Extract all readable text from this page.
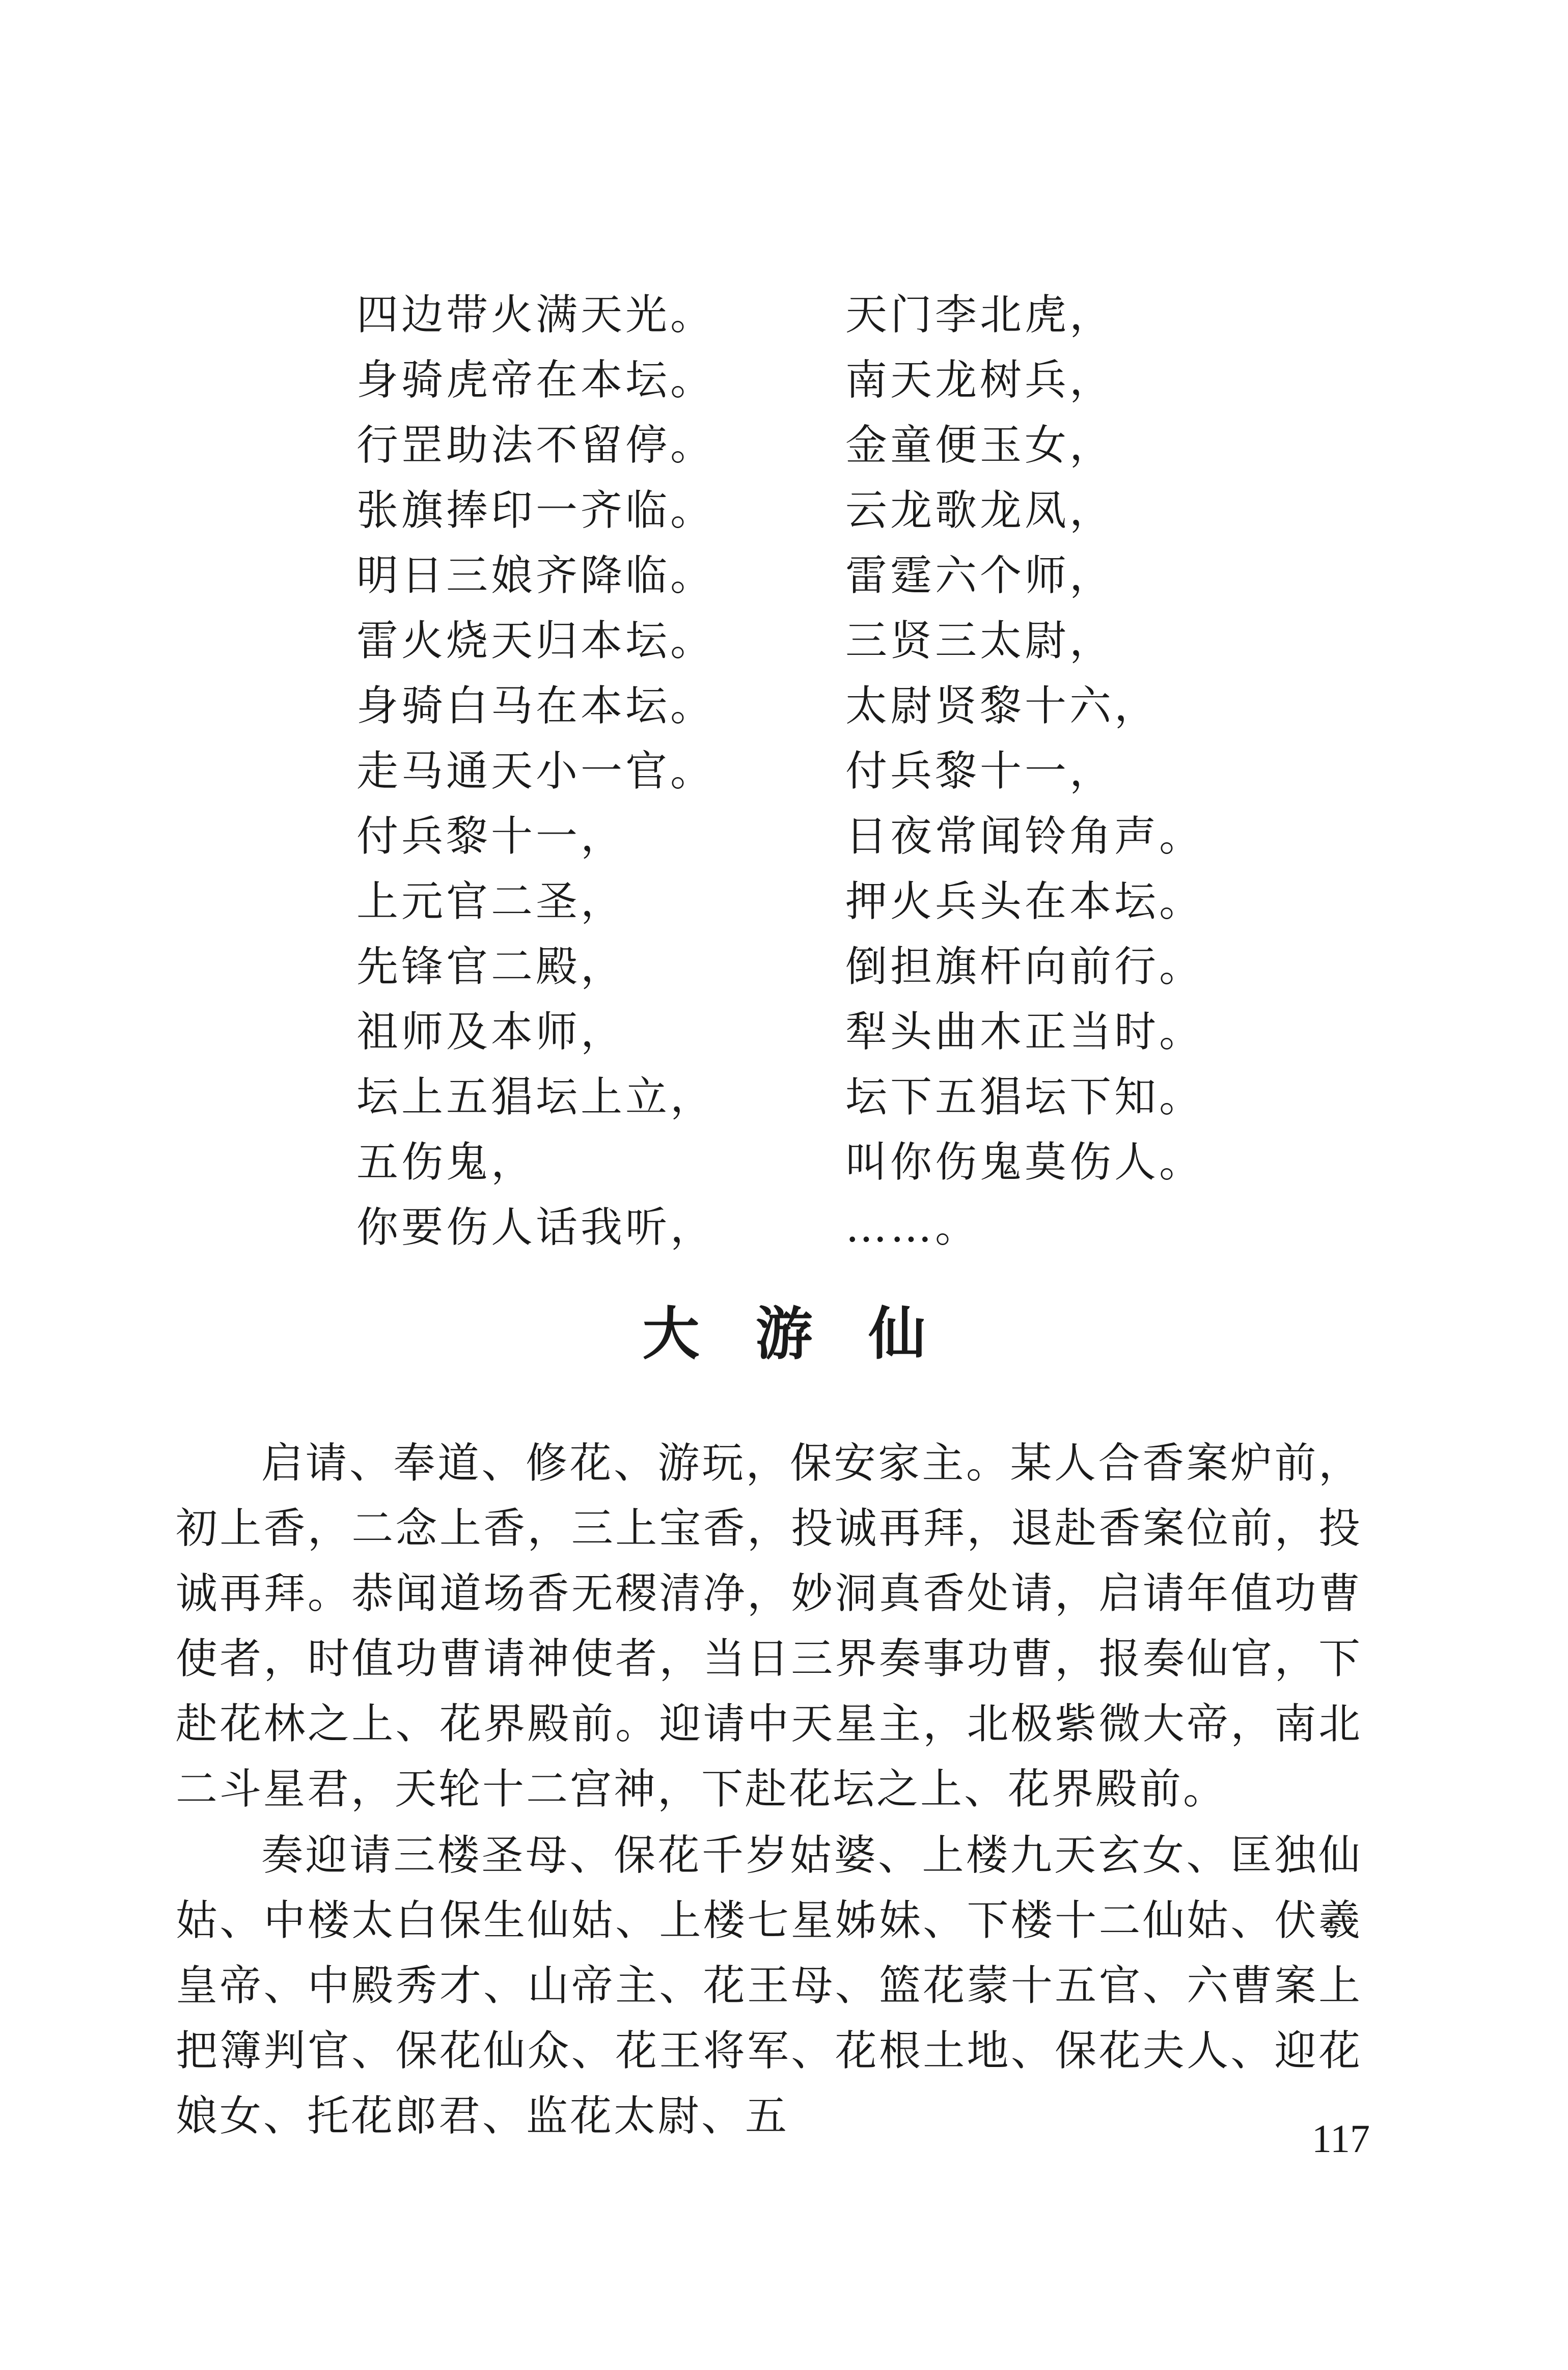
四边带火满天光。
身骑虎帝在本坛。
行罡助法不留停。
张旗捧印一齐临。
明日三娘齐降临。
雷火烧天归本坛。
身骑白马在本坛。
走马通天小一官。
付兵黎十一，
上元官二圣，
先锋官二殿，
祖师及本师，
坛上五猖坛上立，
五伤鬼，
你要伤人话我听，
天门李北虎，
南天龙树兵，
金童便玉女，
云龙歌龙凤，
雷霆六个师，
三贤三太尉，
太尉贤黎十六，
付兵黎十一，
日夜常闻铃角声。
押火兵头在本坛。
倒担旗杆向前行。
犁头曲木正当时。
坛下五猖坛下知。
叫你伤鬼莫伤人。
……。
大游仙
启请、奉道、修花、游玩，保安家主。某人合香案炉前，初上香，二念上香，三上宝香，投诚再拜，退赴香案位前，投诚再拜。恭闻道场香无稷清净，妙洞真香处请，启请年值功曹使者，时值功曹请神使者，当日三界奏事功曹，报奏仙官，下赴花林之上、花界殿前。迎请中天星主，北极紫微大帝，南北二斗星君，天轮十二宫神，下赴花坛之上、花界殿前。
奏迎请三楼圣母、保花千岁姑婆、上楼九天玄女、匡独仙姑、中楼太白保生仙姑、上楼七星姊妹、下楼十二仙姑、伏羲皇帝、中殿秀才、山帝主、花王母、篮花蒙十五官、六曹案上把簿判官、保花仙众、花王将军、花根土地、保花夫人、迎花娘女、托花郎君、监花太尉、五	117
